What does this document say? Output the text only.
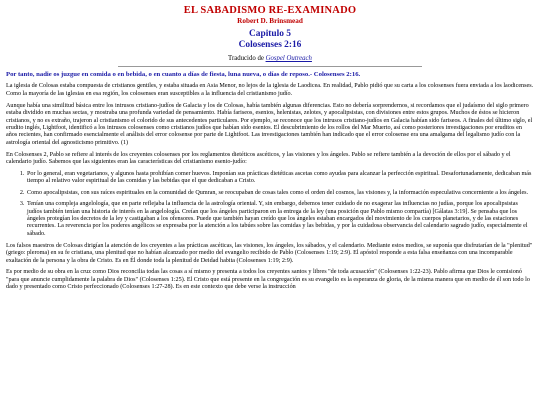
EL SABADISMO RE-EXAMINADO
Robert D. Brinsmead
Capitulo 5
Colosenses 2:16
Traducido de Gospel Outreach
Por tanto, nadie os juzgue en comida o en bebida, o en cuanto a días de fiesta, luna nueva, o días de reposo.- Colosenses 2:16.

La iglesia de Colosas estaba compuesta de cristianos gentiles, y estaba situada en Asia Menor, no lejos de la iglesia de Laodicea. En realidad, Pablo pidió que su carta a los colosenses fuera enviada a los laodicenses. Como la mayoría de las iglesias en esa región, los colosenses eran susceptibles a la influencia del cristianismo judío.

Aunque había una similitud básica entre los intrusos cristiano-judíos de Galacia y los de Colosas, había también algunas diferencias. Esto no debería sorprendernos, si recordamos que el judaísmo del siglo primero estaba dividido en muchas sectas, y mostraba una profunda variedad de pensamiento. Había fariseos, esenios, helenistas, zelotes, y apocalipsistas, con divisiones entre estos grupos. Muchos de éstos se hicieron cristianos, y no es extraño, trajeron al cristianismo el colorido de sus antecedentes particulares. Por ejemplo, se reconoce que los intrusos cristiano-judíos en Galacia habían sido fariseos. A finales del último siglo, el erudito inglés, Lightfoot, identificó a los intrusos colosenses como cristianos judíos que habían sido esenios. El descubrimiento de los rollos del Mar Muerto, así como posteriores investigaciones por eruditos en años recientes, han confirmado esencialmente el análisis del error colosense por parte de Lightfoot. Las investigaciones también han indicado que el error colosense era una amalgama del legalismo judío con la astrología oriental del agnosticismo primitivo. (1)

En Colosenses 2, Pablo se refiere al interés de los creyentes colosenses por los reglamentos dietéticos ascéticos, y las visiones y los ángeles. Pablo se refiere también a la devoción de ellos por el sábado y el calendario judío. Sabemos que las siguientes eran las características del cristianismo esenio-judío:

1. Por lo general, eran vegetarianos, y algunos hasta prohibían comer huevos. Imponían sus prácticas dietéticas ascetas como ayudas para alcanzar la perfección espiritual. Desafortunadamente, dedicaban más tiempo al relativo valor espiritual de las comidas y las bebidas que el que dedicaban a Cristo.
2. Como apocalipsistas, con sus raíces espirituales en la comunidad de Qumran, se reocupaban de cosas tales como el orden del cosmos, las visiones y, la información especulativa concerniente a los ángeles.
3. Tenían una compleja angelología, que en parte reflejaba la influencia de la astrología oriental. Y, sin embargo, debemos tener cuidado de no exagerar las influencias no judías, porque los apocalipsistas judíos también tenían una historia de interés en la angelología. Creían que los ángeles participaron en la entrega de la ley (una posición que Pablo mismo compartía) [Gálatas 3:19]. Se pensaba que los ángeles protegían los decretos de la ley y castigaban a los ofensores. Puede que también hayan creído que los ángeles estaban encargados del movimiento de los cuerpos planetarios, y de las estaciones recurrentes. La reverencia por los poderes angélicos se expresaba por la atención a los tabúes sobre las comidas y las bebidas, y por la cuidadosa observancia del calendario sagrado judío, especialmente el sábado.

Los falsos maestros de Colosas dirigían la atención de los creyentes a las prácticas ascéticas, las visiones, los ángeles, los sábados, y el calendario. Mediante estos medios, se suponía que disfrutarían de la "plenitud" (griego: pleroma) en su fe cristiana, una plenitud que no habían alcanzado por medio del evangelio recibido de Pablo (Colosenses 1:19; 2:9). El apóstol responde a esta falsa enseñanza con una incomparable exaltación de la persona y la obra de Cristo. Es en Él donde toda la plenitud de Deidad habita (Colosenses 1:19; 2:9).

Es por medio de su obra en la cruz como Dios reconcilia todas las cosas a sí mismo y presenta a todos los creyentes santos y libres "de toda acusación" (Colosenses 1:22-23). Pablo afirma que Dios le comisionó "para que anuncie cumplidamente la palabra de Dios" (Colosenses 1:25). El Cristo que está presente en la congregación es su evangelio es la esperanza de gloria, de la misma manera que en medio de él son todo lo dado y presentado como Cristo perfeccionado (Colosenses 1:27-28). Es en este contexto que debe verse la instrucción
